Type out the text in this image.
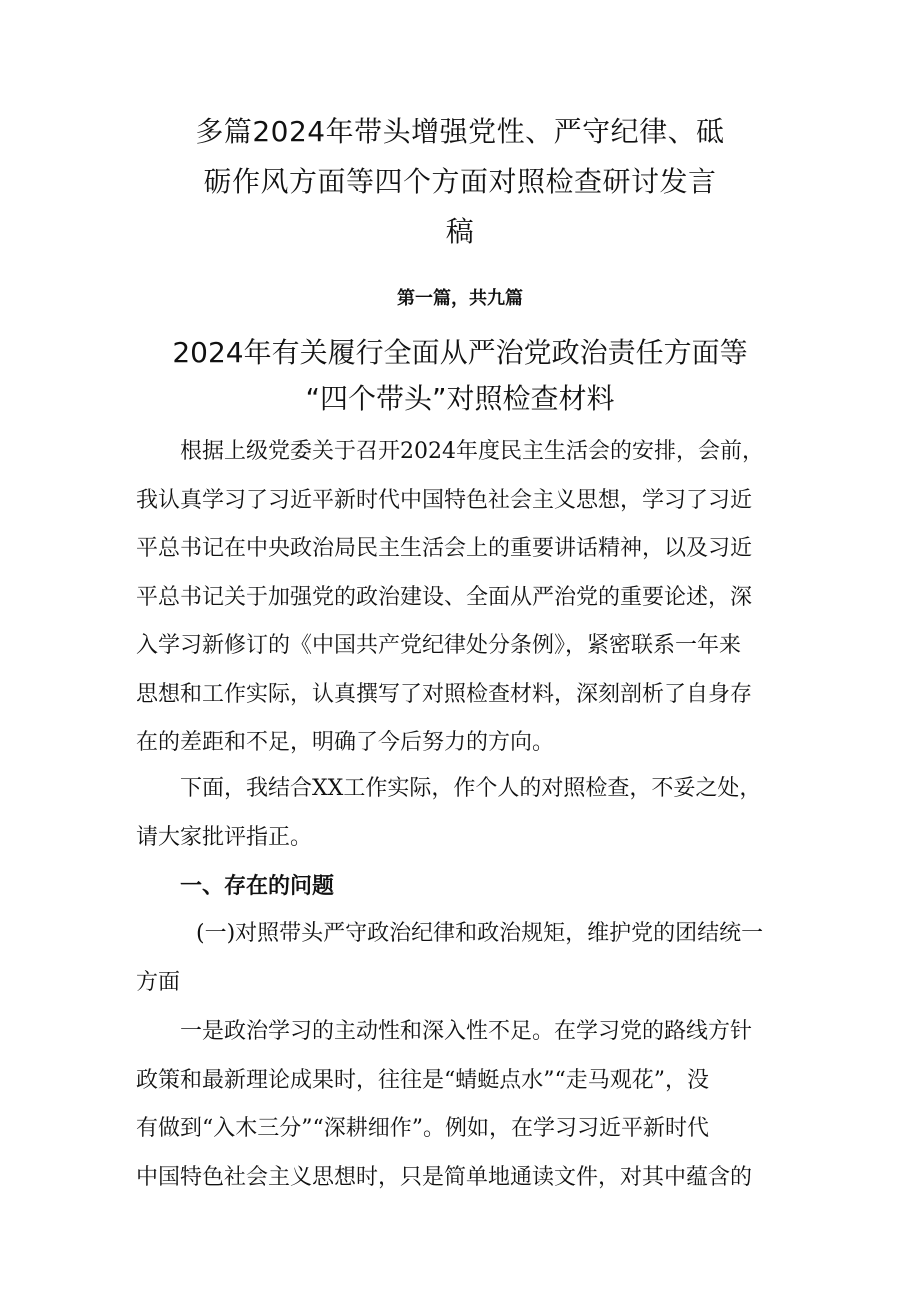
多篇2024年带头增强党性、严守纪律、砥
砺作风方面等四个方面对照检查研讨发言
稿
第一篇，共九篇
2024年有关履行全面从严治党政治责任方面等
“四个带头”对照检查材料

根据上级党委关于召开2024年度民主生活会的安排，会前，
我认真学习了习近平新时代中国特色社会主义思想，学习了习近
平总书记在中央政治局民主生活会上的重要讲话精神，以及习近
平总书记关于加强党的政治建设、全面从严治党的重要论述，深
入学习新修订的《中国共产党纪律处分条例》，紧密联系一年来
思想和工作实际，认真撰写了对照检查材料，深刻剖析了自身存
在的差距和不足，明确了今后努力的方向。

下面，我结合XX工作实际，作个人的对照检查，不妥之处，
请大家批评指正。

一、存在的问题

(一)对照带头严守政治纪律和政治规矩，维护党的团结统一
方面

一是政治学习的主动性和深入性不足。在学习党的路线方针
政策和最新理论成果时，往往是“蜻蜓点水”“走马观花”，没
有做到“入木三分”“深耕细作”。例如，在学习习近平新时代
中国特色社会主义思想时，只是简单地通读文件，对其中蕴含的
